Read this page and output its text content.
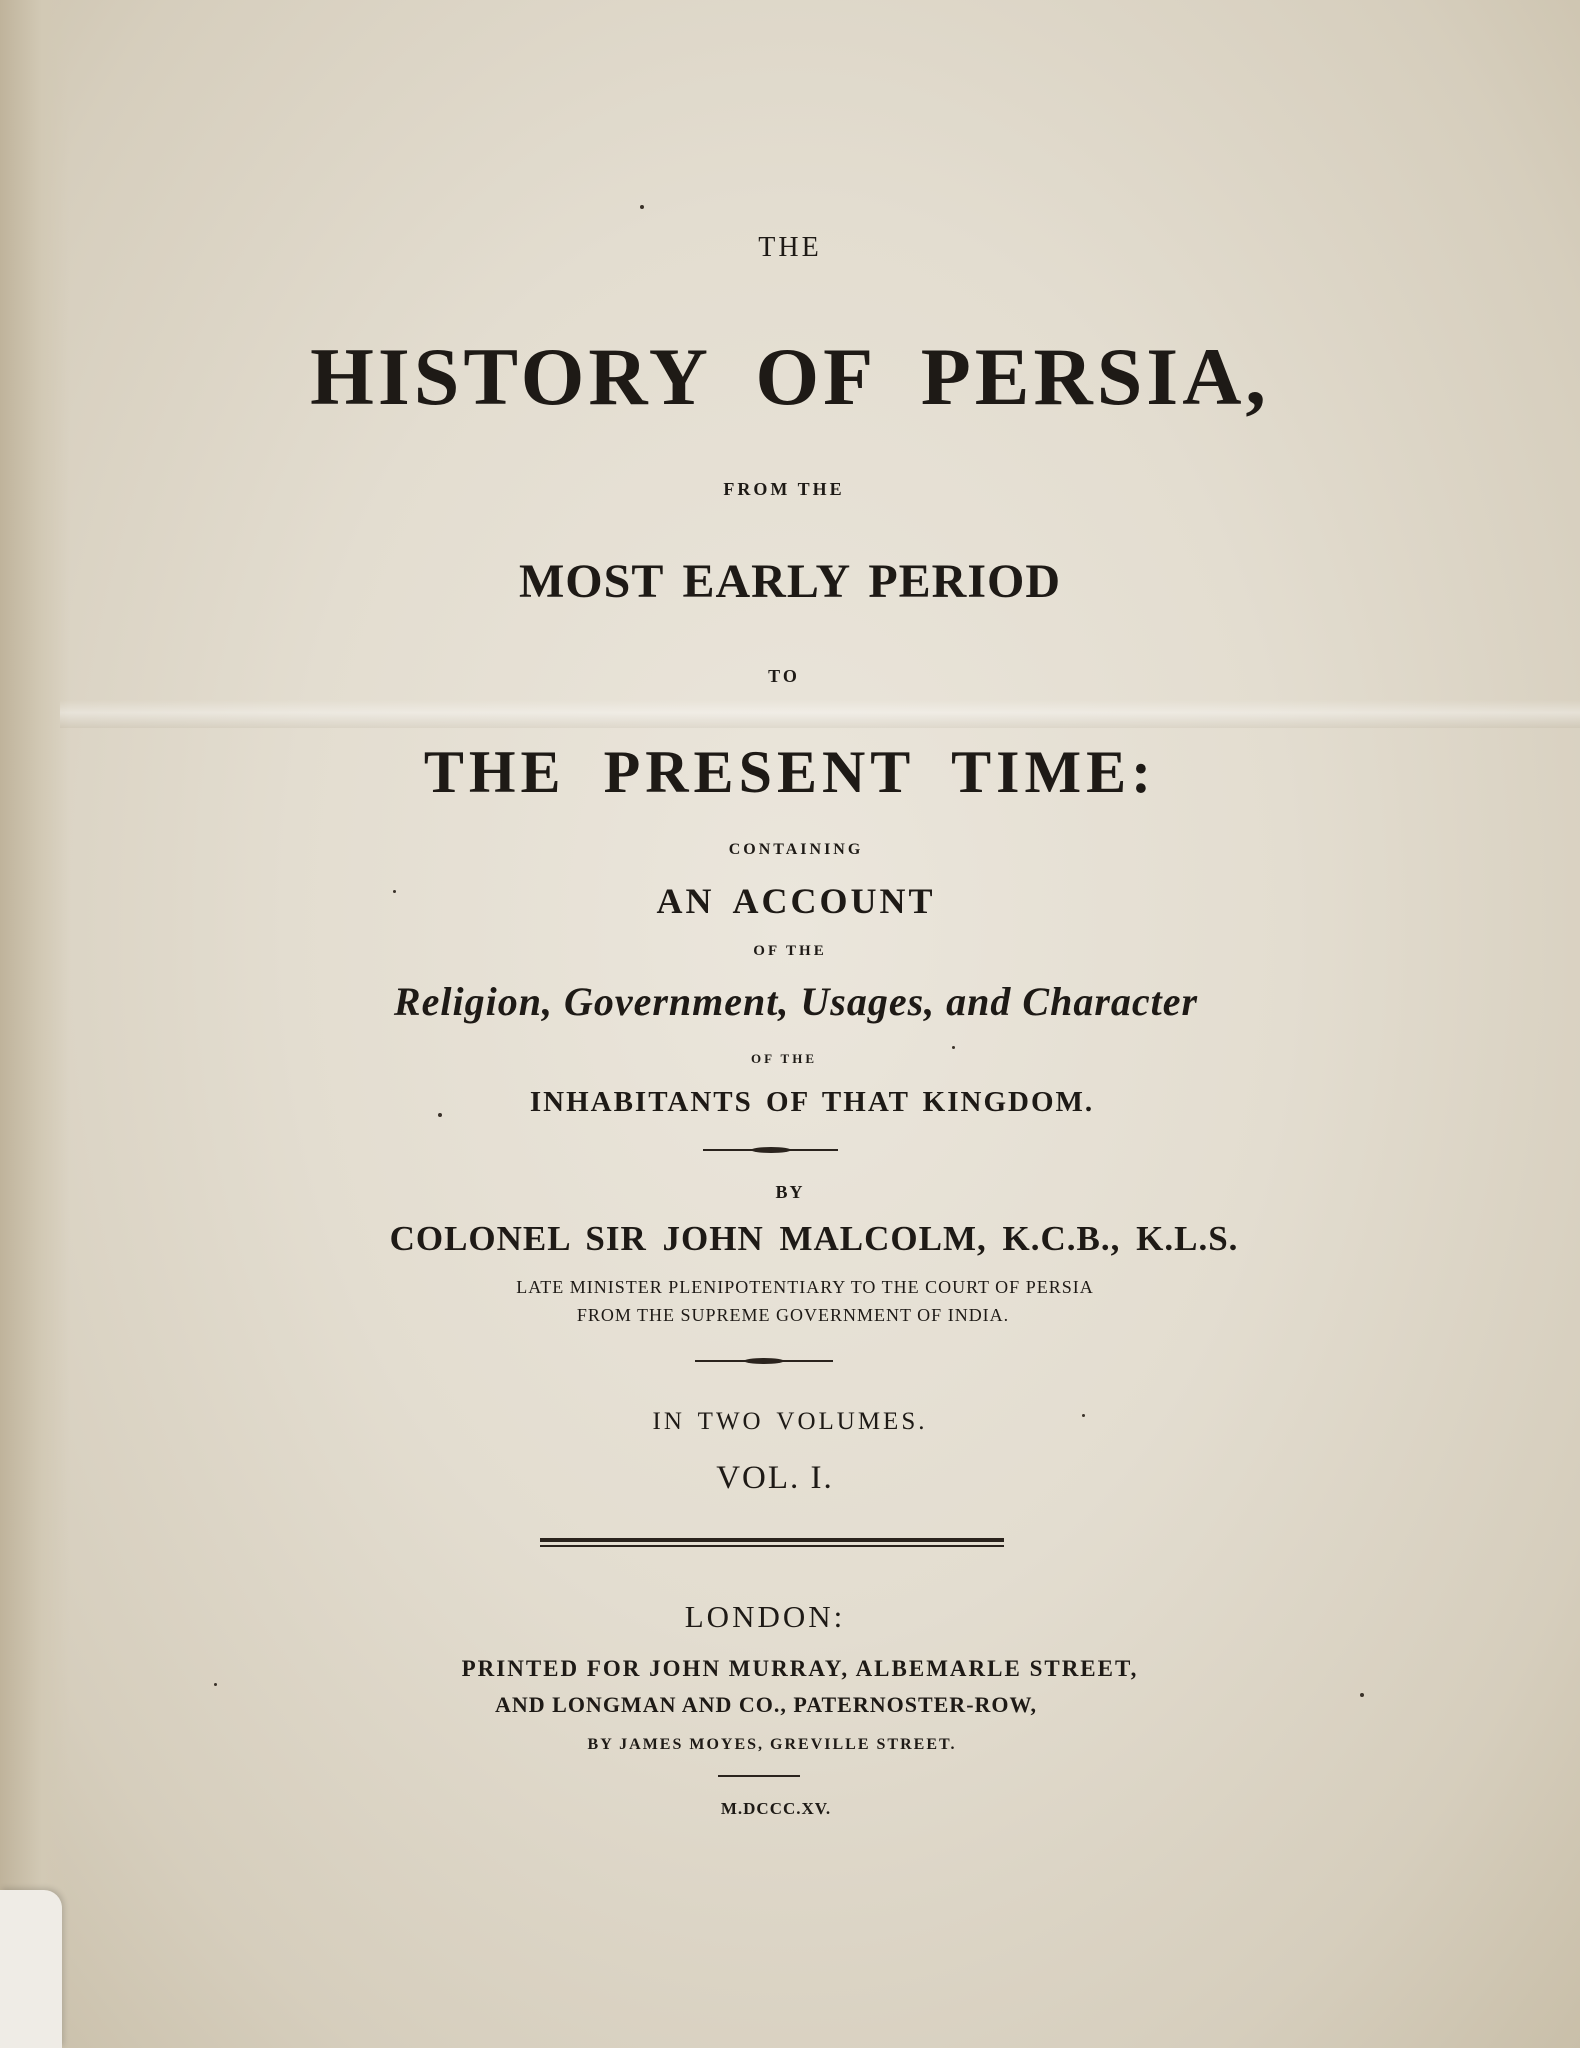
THE
HISTORY OF PERSIA,
FROM THE
MOST EARLY PERIOD
TO
THE PRESENT TIME:
CONTAINING
AN ACCOUNT
OF THE
Religion, Government, Usages, and Character
OF THE
INHABITANTS OF THAT KINGDOM.
BY
COLONEL SIR JOHN MALCOLM, K.C.B., K.L.S.
LATE MINISTER PLENIPOTENTIARY TO THE COURT OF PERSIA
FROM THE SUPREME GOVERNMENT OF INDIA.
IN TWO VOLUMES.
VOL. I.
LONDON:
PRINTED FOR JOHN MURRAY, ALBEMARLE STREET,
AND LONGMAN AND CO., PATERNOSTER-ROW,
BY JAMES MOYES, GREVILLE STREET.
M.DCCC.XV.
